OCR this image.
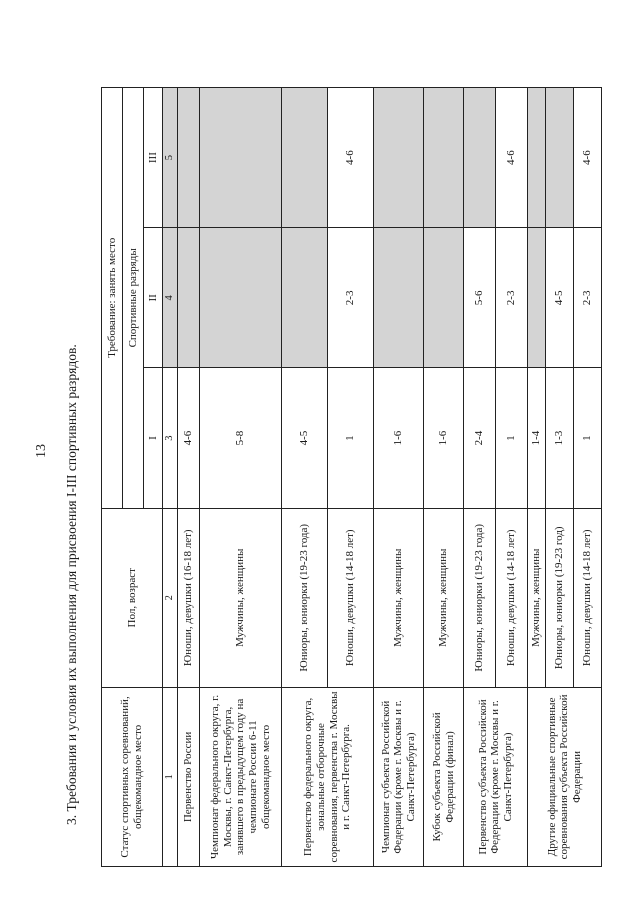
13 3. Требования и условия их выполнения для присвоения I-III спортивных разрядов.	Статус спортивных соревнований, общекомандное место	Пол, возраст	Требование: занять место		
		Спортивные разряды		
		I	II	III
1	2	3	4	5
Первенство России	Юноши, девушки (16-18 лет)	4-6		
Чемпионат федерального округа, г. Москвы, г. Санкт-Петербурга, занявшего в предыдущем году на чемпионате России 6-11 общекомандное место	Мужчины, женщины	5-8		
Первенство федерального округа, зональные отборочные соревнования, первенства г. Москвы и г. Санкт-Петербурга.	Юниоры, юниорки (19-23 года)	4-5		
	Юноши, девушки (14-18 лет)	1	2-3	4-6
Чемпионат субъекта Российской Федерации (кроме г. Москвы и г. Санкт-Петербурга)	Мужчины, женщины	1-6		
Кубок субъекта Российской Федерации (финал)	Мужчины, женщины	1-6		
Первенство субъекта Российской Федерации (кроме г. Москвы и г. Санкт-Петербурга)	Юниоры, юниорки (19-23 года)	2-4	5-6	
	Юноши, девушки (14-18 лет)	1	2-3	4-6
Другие официальные спортивные соревнования субъекта Российской Федерации	Мужчины, женщины	1-4		
	Юниоры, юниорки (19-23 год)	1-3	4-5	
	Юноши, девушки (14-18 лет)	1	2-3	4-6
